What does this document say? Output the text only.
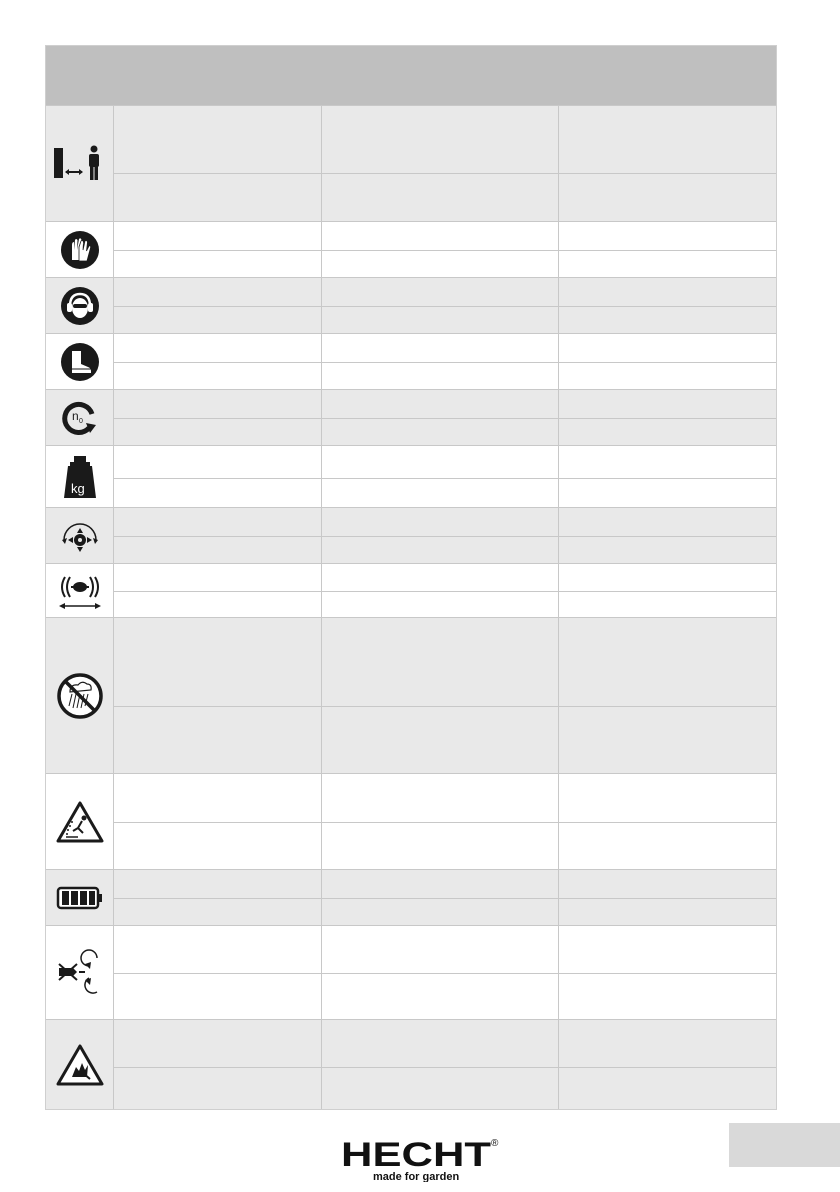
n 0
kg
HECHT ®
made for garden
